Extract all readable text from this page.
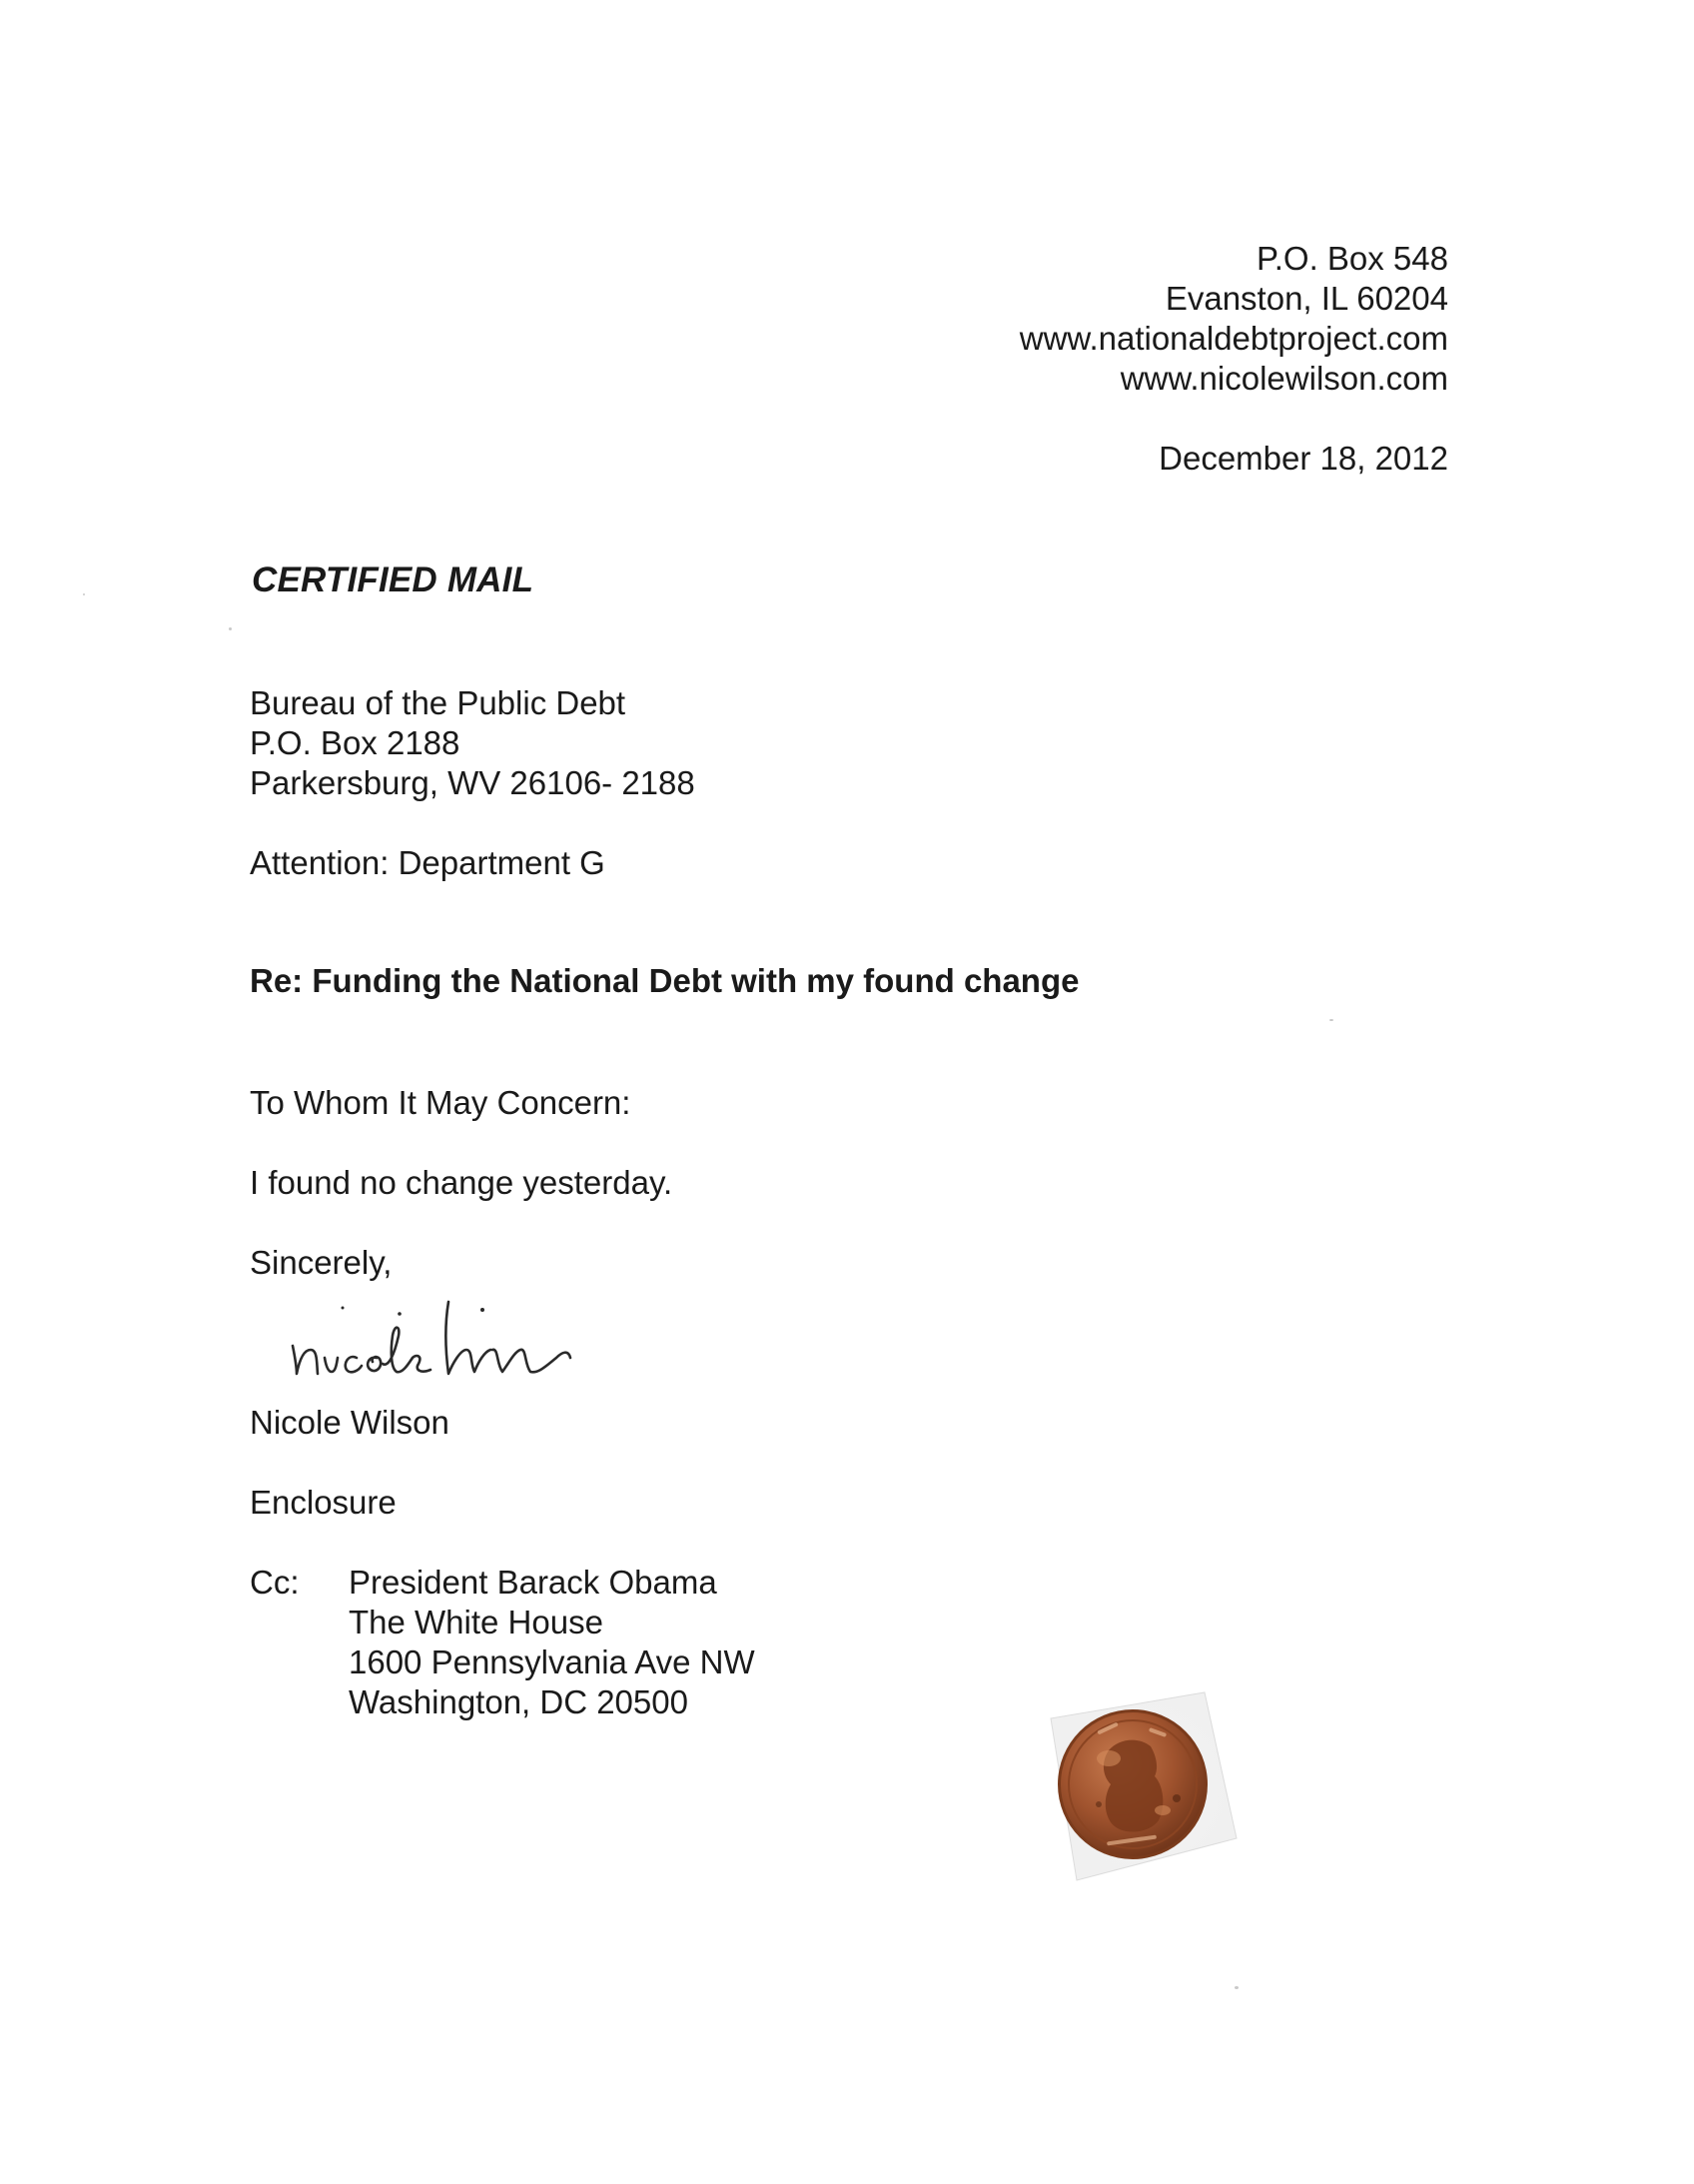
P.O. Box 548
Evanston, IL 60204
www.nationaldebtproject.com
www.nicolewilson.com
December 18, 2012
CERTIFIED MAIL
Bureau of the Public Debt
P.O. Box 2188
Parkersburg, WV 26106- 2188
Attention: Department G
Re: Funding the National Debt with my found change
To Whom It May Concern:
I found no change yesterday.
Sincerely,
Nicole Wilson
Enclosure
Cc: President Barack Obama
The White House
1600 Pennsylvania Ave NW
Washington, DC 20500
